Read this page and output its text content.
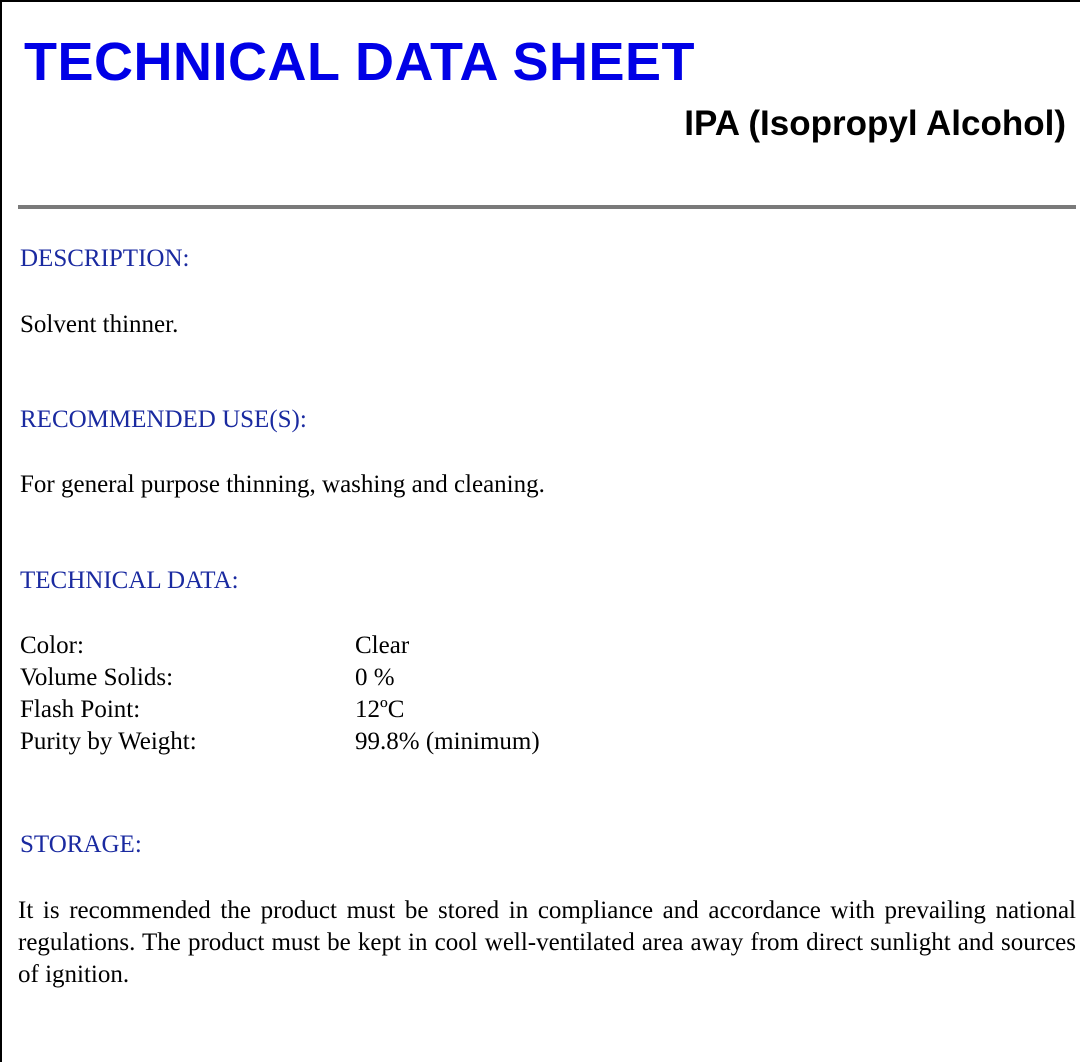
TECHNICAL DATA SHEET
IPA (Isopropyl Alcohol)
DESCRIPTION:

Solvent thinner.

RECOMMENDED USE(S):

For general purpose thinning, washing and cleaning.

TECHNICAL DATA:
Color:	Clear
Volume Solids:	0 %
Flash Point:	12ºC
Purity by Weight:	99.8% (minimum)
STORAGE:

It is recommended the product must be stored in compliance and accordance with prevailing national regulations. The product must be kept in cool well-ventilated area away from direct sunlight and sources of ignition.
